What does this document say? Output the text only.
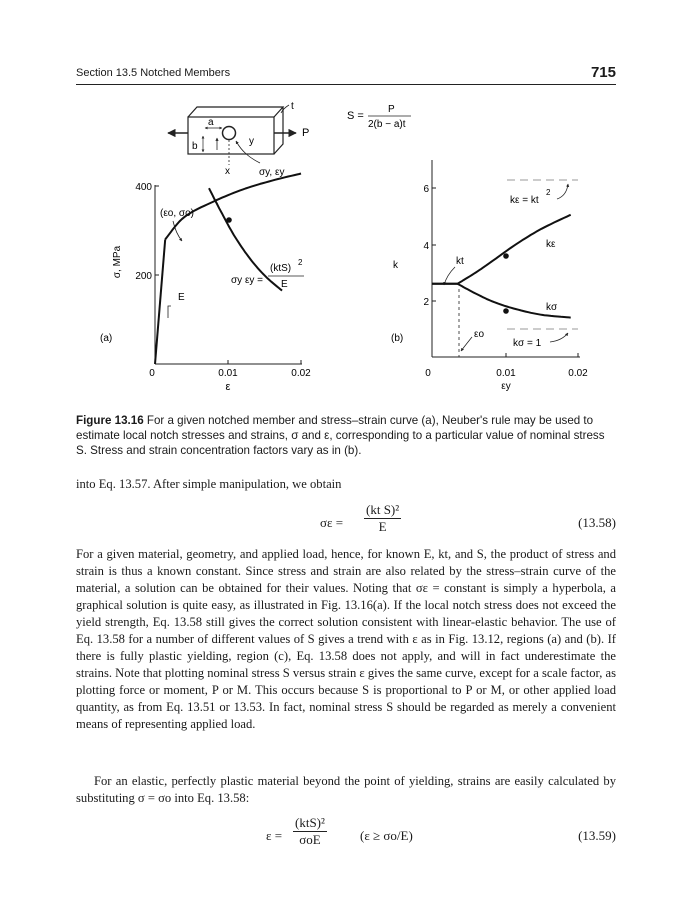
Section 13.5 Notched Members	715
P
t
a
b	y
x	σy, εy
S =
P
2(b − a)t
400
200
0	0.01	0.02
ε
σ, MPa
(a)
E
(εo, σo)
σy εy =
(ktS)
2
E
6
4
2
0	0.01	0.02
εy
k
(b)	εo
kt
kε
kσ
kε = kt
2
kσ = 1
Figure 13.16 For a given notched member and stress–strain curve (a), Neuber's rule may be used to estimate local notch stresses and strains, σ and ε, corresponding to a particular value of nominal stress S. Stress and strain concentration factors vary as in (b).
into Eq. 13.57. After simple manipulation, we obtain
$\sigma\varepsilon = \frac{\text{(kt S)²}}{E}$	(13.58)
For a given material, geometry, and applied load, hence, for known E, kt, and S, the product of stress and strain is thus a known constant. Since stress and strain are also related by the stress–strain curve of the material, a solution can be obtained for their values. Noting that σε = constant is simply a hyperbola, a graphical solution is quite easy, as illustrated in Fig. 13.16(a). If the local notch stress does not exceed the yield strength, Eq. 13.58 still gives the correct solution consistent with linear-elastic behavior. The use of Eq. 13.58 for a number of different values of S gives a trend with ε as in Fig. 13.12, regions (a) and (b). If there is fully plastic yielding, region (c), Eq. 13.58 does not apply, and will in fact underestimate the strains. Note that plotting nominal stress S versus strain ε gives the same curve, except for a scale factor, as plotting force or moment, P or M. This occurs because S is proportional to P or M, or other applied load quantity, as from Eq. 13.51 or 13.53. In fact, nominal stress S should be regarded as merely a convenient means of representing applied load.
For an elastic, perfectly plastic material beyond the point of yielding, strains are easily calculated by substituting σ = σo into Eq. 13.58:
ε =
(ktS)²
σoE	(ε ≥ σo/E)	(13.59)
